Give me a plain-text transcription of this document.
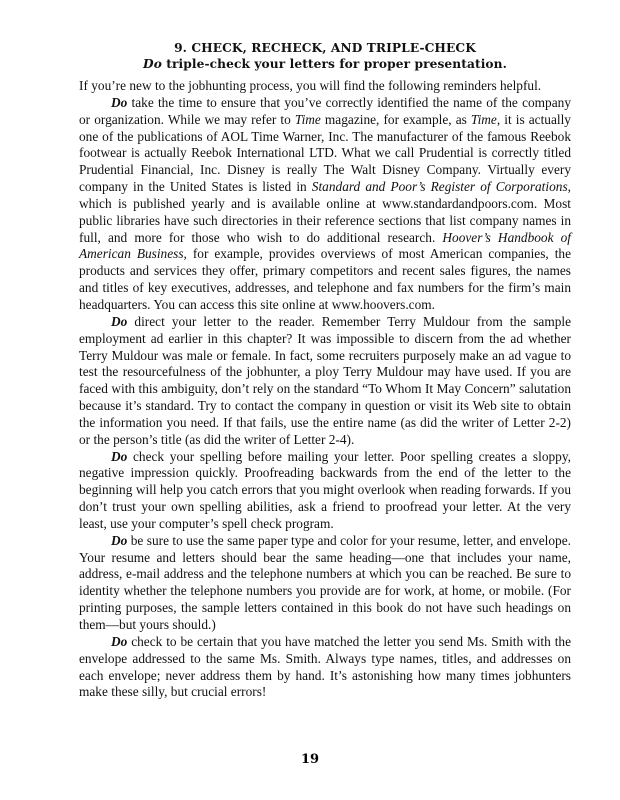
9. CHECK, RECHECK, AND TRIPLE-CHECK
Do triple-check your letters for proper presentation.

If you’re new to the jobhunting process, you will find the following reminders helpful.

Do take the time to ensure that you’ve correctly identified the name of the company or organization. While we may refer to Time magazine, for example, as Time, it is actually one of the publications of AOL Time Warner, Inc. The manufacturer of the famous Reebok footwear is actually Reebok International LTD. What we call Prudential is correctly titled Prudential Financial, Inc. Disney is really The Walt Disney Company. Virtually every company in the United States is listed in Standard and Poor’s Register of Corporations, which is published yearly and is available online at www.standardandpoors.com. Most public libraries have such directories in their reference sections that list company names in full, and more for those who wish to do additional research. Hoover’s Handbook of American Business, for example, provides overviews of most American companies, the products and services they offer, primary competitors and recent sales figures, the names and titles of key executives, addresses, and telephone and fax numbers for the firm’s main headquarters. You can access this site online at www.hoovers.com.

Do direct your letter to the reader. Remember Terry Muldour from the sample employment ad earlier in this chapter? It was impossible to discern from the ad whether Terry Muldour was male or female. In fact, some recruiters purposely make an ad vague to test the resourcefulness of the jobhunter, a ploy Terry Muldour may have used. If you are faced with this ambiguity, don’t rely on the standard “To Whom It May Concern” salutation because it’s standard. Try to contact the company in question or visit its Web site to obtain the information you need. If that fails, use the entire name (as did the writer of Letter 2-2) or the person’s title (as did the writer of Letter 2-4).

Do check your spelling before mailing your letter. Poor spelling creates a sloppy, negative impression quickly. Proofreading backwards from the end of the letter to the beginning will help you catch errors that you might overlook when reading forwards. If you don’t trust your own spelling abilities, ask a friend to proofread your letter. At the very least, use your computer’s spell check program.

Do be sure to use the same paper type and color for your resume, letter, and envelope. Your resume and letters should bear the same heading—one that includes your name, address, e-mail address and the telephone numbers at which you can be reached. Be sure to identity whether the telephone numbers you provide are for work, at home, or mobile. (For printing purposes, the sample letters contained in this book do not have such headings on them—but yours should.)

Do check to be certain that you have matched the letter you send Ms. Smith with the envelope addressed to the same Ms. Smith. Always type names, titles, and addresses on each envelope; never address them by hand. It’s astonishing how many times jobhunters make these silly, but crucial errors!

19
